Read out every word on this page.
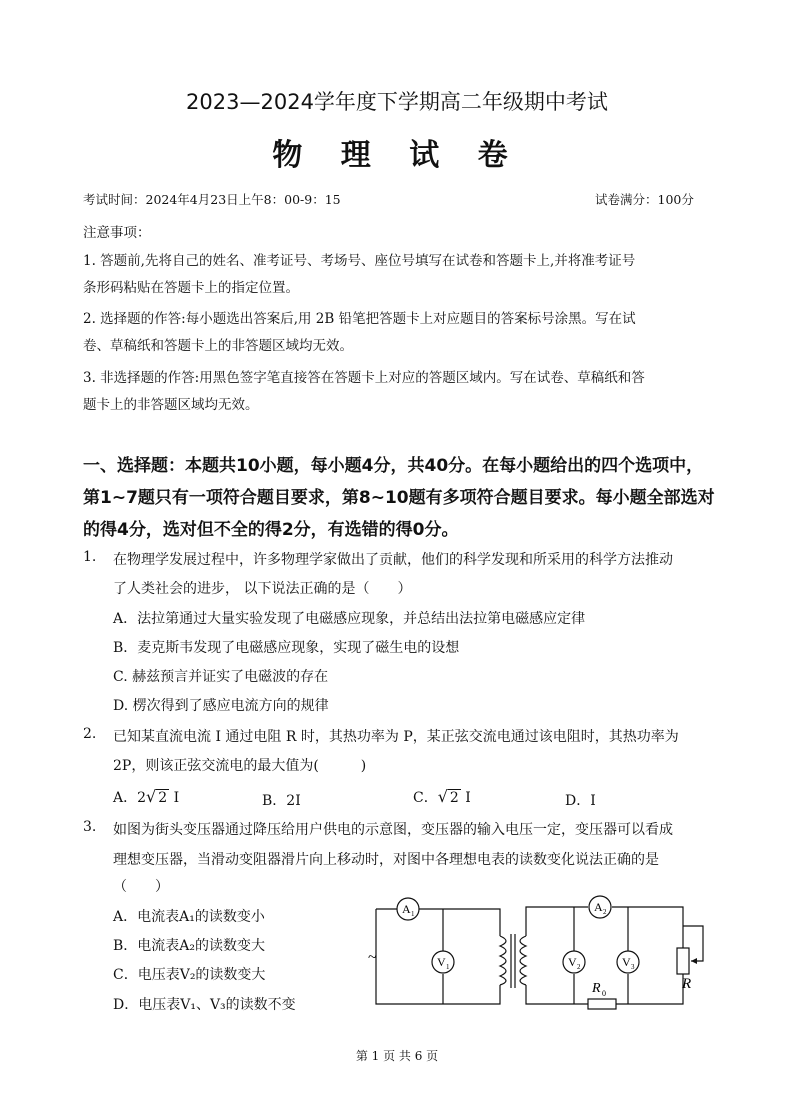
2023—2024学年度下学期高二年级期中考试
物 理 试 卷
考试时间：2024年4月23日上午8：00-9：15	试卷满分：100分
注意事项：
1. 答题前,先将自己的姓名、准考证号、考场号、座位号填写在试卷和答题卡上,并将准考证号
条形码粘贴在答题卡上的指定位置。
2. 选择题的作答:每小题选出答案后,用 2B 铅笔把答题卡上对应题目的答案标号涂黑。写在试
卷、草稿纸和答题卡上的非答题区域均无效。
3. 非选择题的作答:用黑色签字笔直接答在答题卡上对应的答题区域内。写在试卷、草稿纸和答
题卡上的非答题区域均无效。
一、选择题：本题共10小题，每小题4分，共40分。在每小题给出的四个选项中，
第1~7题只有一项符合题目要求，第8~10题有多项符合题目要求。每小题全部选对
的得4分，选对但不全的得2分，有选错的得0分。
1. 在物理学发展过程中，许多物理学家做出了贡献，他们的科学发现和所采用的科学方法推动
了人类社会的进步， 以下说法正确的是（　　）
A．法拉第通过大量实验发现了电磁感应现象，并总结出法拉第电磁感应定律
B．麦克斯韦发现了电磁感应现象，实现了磁生电的设想
C. 赫兹预言并证实了电磁波的存在
D. 楞次得到了感应电流方向的规律
2. 已知某直流电流 I 通过电阻 R 时，其热功率为 P，某正弦交流电通过该电阻时，其热功率为
2P，则该正弦交流电的最大值为(　　　)
A．2√ 2 I	B．2I	C．√ 2 I	D．I
3. 如图为街头变压器通过降压给用户供电的示意图，变压器的输入电压一定，变压器可以看成
理想变压器，当滑动变阻器滑片向上移动时，对图中各理想电表的读数变化说法正确的是
（　　）
A．电流表A₁的读数变小
B．电流表A₂的读数变大
C．电压表V₂的读数变大
D．电压表V₁、V₃的读数不变
~
A 1
V 1
A 2
V 2	V 3
R 0
R
第 1 页 共 6 页
